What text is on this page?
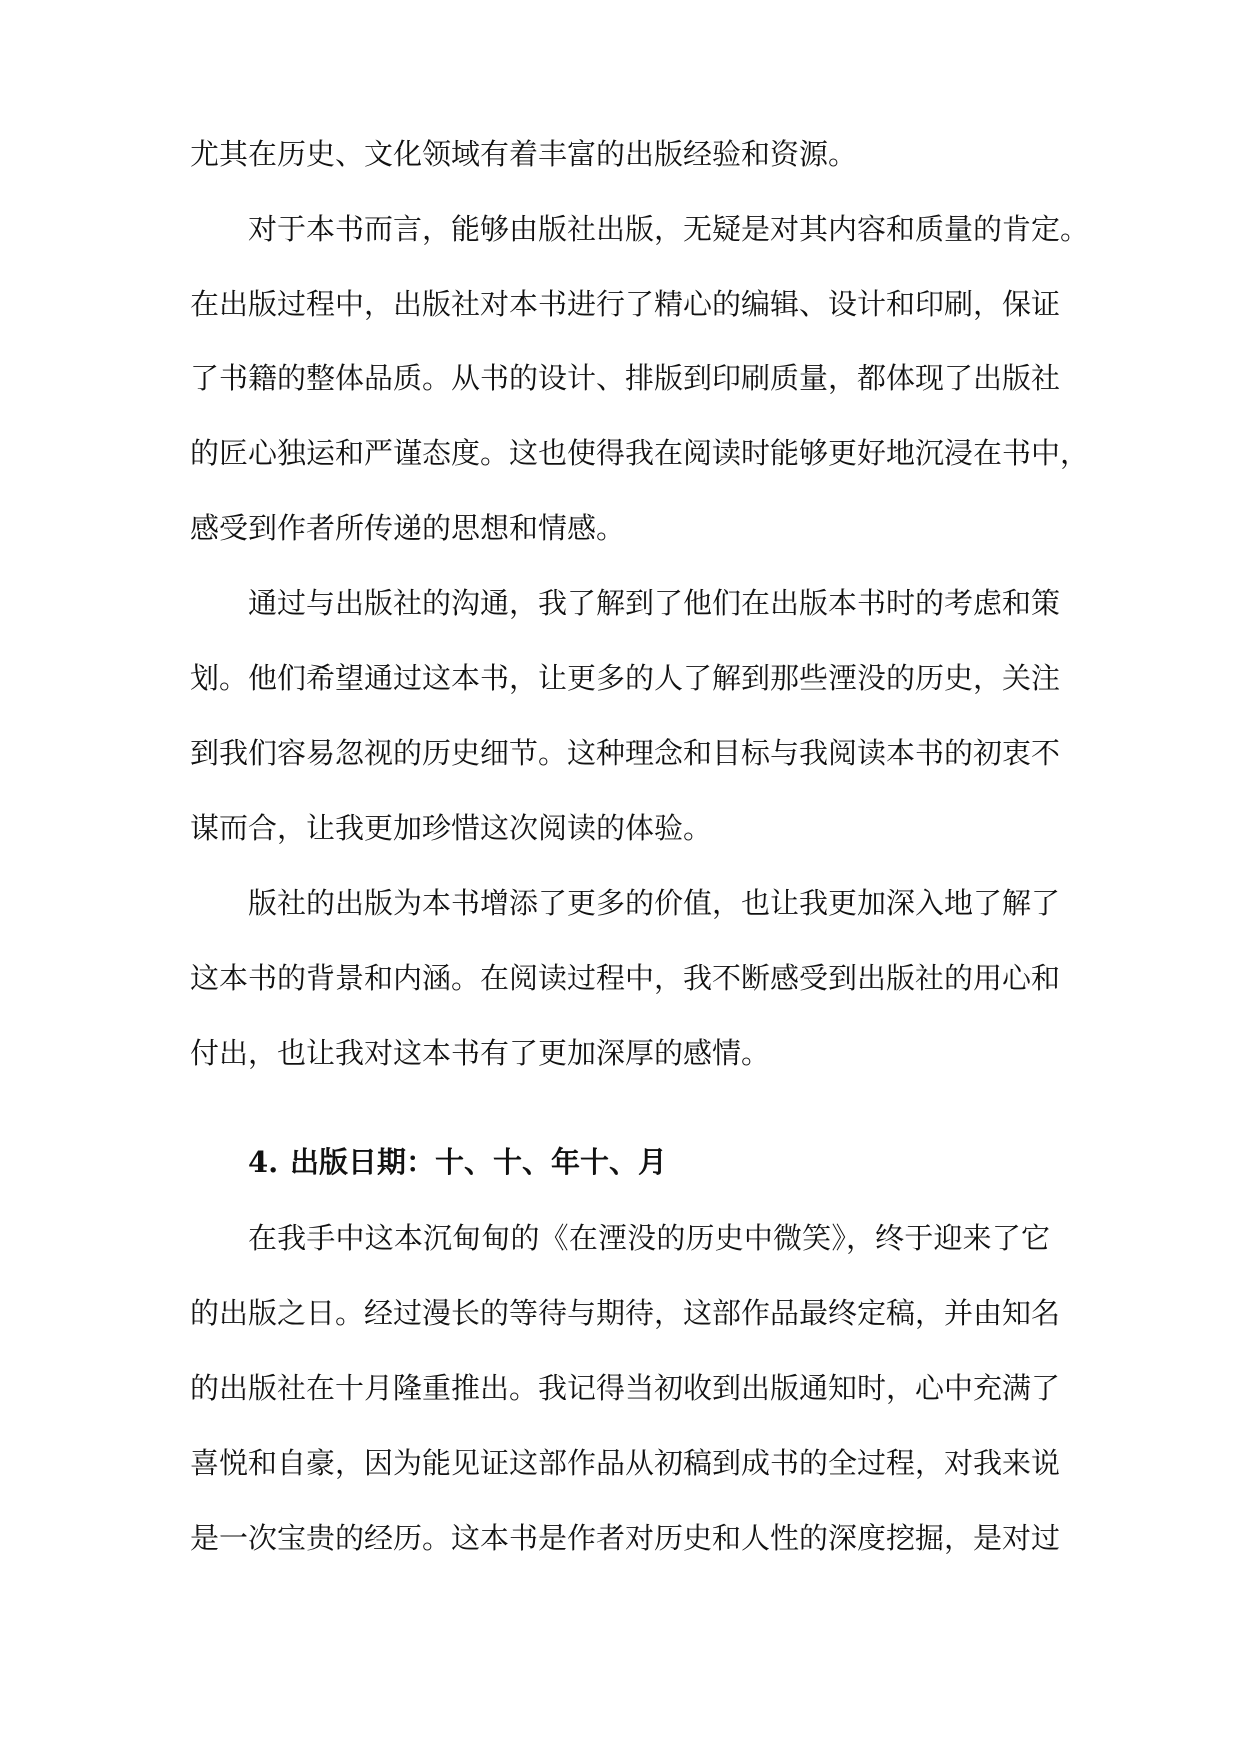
尤其在历史、文化领域有着丰富的出版经验和资源。
对于本书而言，能够由版社出版，无疑是对其内容和质量的肯定。
在出版过程中，出版社对本书进行了精心的编辑、设计和印刷，保证
了书籍的整体品质。从书的设计、排版到印刷质量，都体现了出版社
的匠心独运和严谨态度。这也使得我在阅读时能够更好地沉浸在书中，
感受到作者所传递的思想和情感。
通过与出版社的沟通，我了解到了他们在出版本书时的考虑和策
划。他们希望通过这本书，让更多的人了解到那些湮没的历史，关注
到我们容易忽视的历史细节。这种理念和目标与我阅读本书的初衷不
谋而合，让我更加珍惜这次阅读的体验。
版社的出版为本书增添了更多的价值，也让我更加深入地了解了
这本书的背景和内涵。在阅读过程中，我不断感受到出版社的用心和
付出，也让我对这本书有了更加深厚的感情。
4. 出版日期：十、十、年十、月
在我手中这本沉甸甸的《在湮没的历史中微笑》，终于迎来了它
的出版之日。经过漫长的等待与期待，这部作品最终定稿，并由知名
的出版社在十月隆重推出。我记得当初收到出版通知时，心中充满了
喜悦和自豪，因为能见证这部作品从初稿到成书的全过程，对我来说
是一次宝贵的经历。这本书是作者对历史和人性的深度挖掘，是对过
